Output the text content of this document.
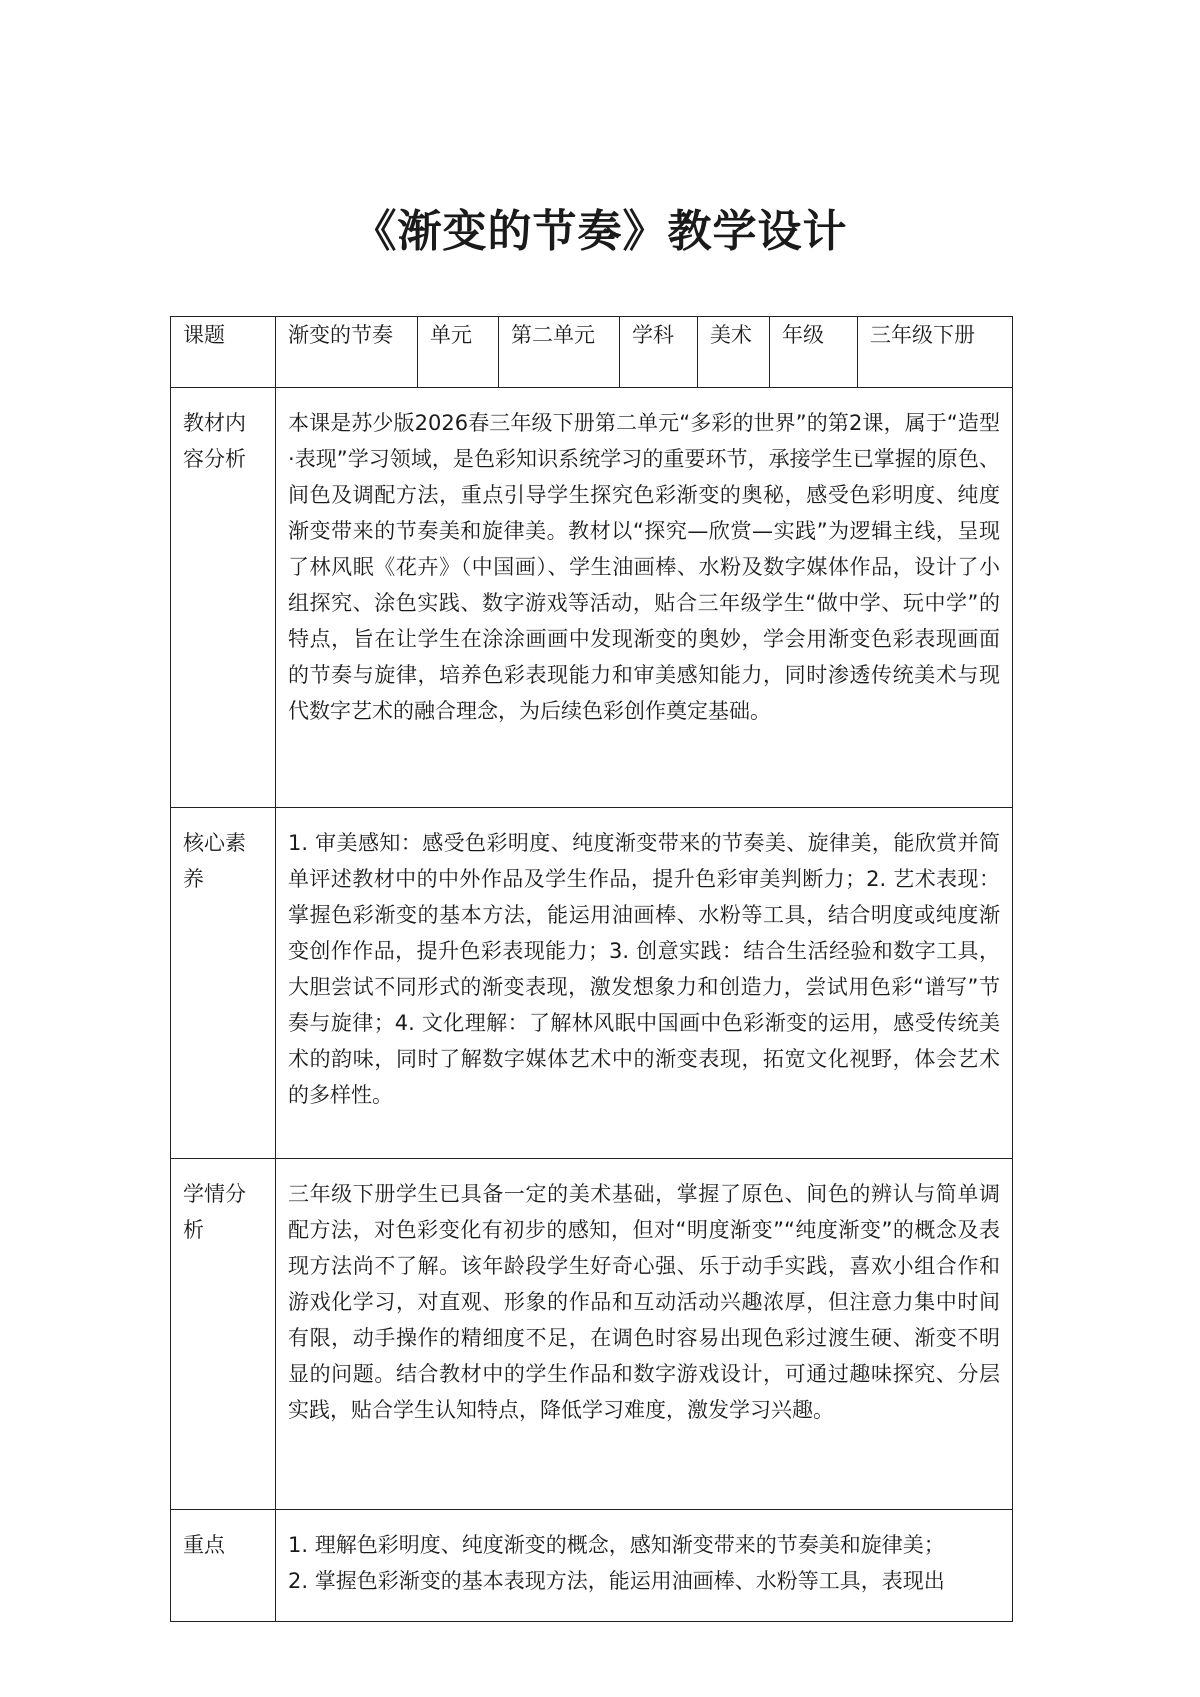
《渐变的节奏》教学设计
课题	渐变的节奏	单元	第二单元	学科	美术	年级	三年级下册
教材内容分析	本课是苏少版2026春三年级下册第二单元“多彩的世界”的第2课，属于“造型·表现”学习领域，是色彩知识系统学习的重要环节，承接学生已掌握的原色、间色及调配方法，重点引导学生探究色彩渐变的奥秘，感受色彩明度、纯度渐变带来的节奏美和旋律美。教材以“探究—欣赏—实践”为逻辑主线，呈现了林风眠《花卉》（中国画）、学生油画棒、水粉及数字媒体作品，设计了小组探究、涂色实践、数字游戏等活动，贴合三年级学生“做中学、玩中学”的特点，旨在让学生在涂涂画画中发现渐变的奥妙，学会用渐变色彩表现画面的节奏与旋律，培养色彩表现能力和审美感知能力，同时渗透传统美术与现代数字艺术的融合理念，为后续色彩创作奠定基础。						
核心素养	1. 审美感知：感受色彩明度、纯度渐变带来的节奏美、旋律美，能欣赏并简单评述教材中的中外作品及学生作品，提升色彩审美判断力；2. 艺术表现：掌握色彩渐变的基本方法，能运用油画棒、水粉等工具，结合明度或纯度渐变创作作品，提升色彩表现能力；3. 创意实践：结合生活经验和数字工具，大胆尝试不同形式的渐变表现，激发想象力和创造力，尝试用色彩“谱写”节奏与旋律；4. 文化理解：了解林风眠中国画中色彩渐变的运用，感受传统美术的韵味，同时了解数字媒体艺术中的渐变表现，拓宽文化视野，体会艺术的多样性。						
学情分析	三年级下册学生已具备一定的美术基础，掌握了原色、间色的辨认与简单调配方法，对色彩变化有初步的感知，但对“明度渐变”“纯度渐变”的概念及表现方法尚不了解。该年龄段学生好奇心强、乐于动手实践，喜欢小组合作和游戏化学习，对直观、形象的作品和互动活动兴趣浓厚，但注意力集中时间有限，动手操作的精细度不足，在调色时容易出现色彩过渡生硬、渐变不明显的问题。结合教材中的学生作品和数字游戏设计，可通过趣味探究、分层实践，贴合学生认知特点，降低学习难度，激发学习兴趣。						
重点	1. 理解色彩明度、纯度渐变的概念，感知渐变带来的节奏美和旋律美；
2. 掌握色彩渐变的基本表现方法，能运用油画棒、水粉等工具，表现出						
